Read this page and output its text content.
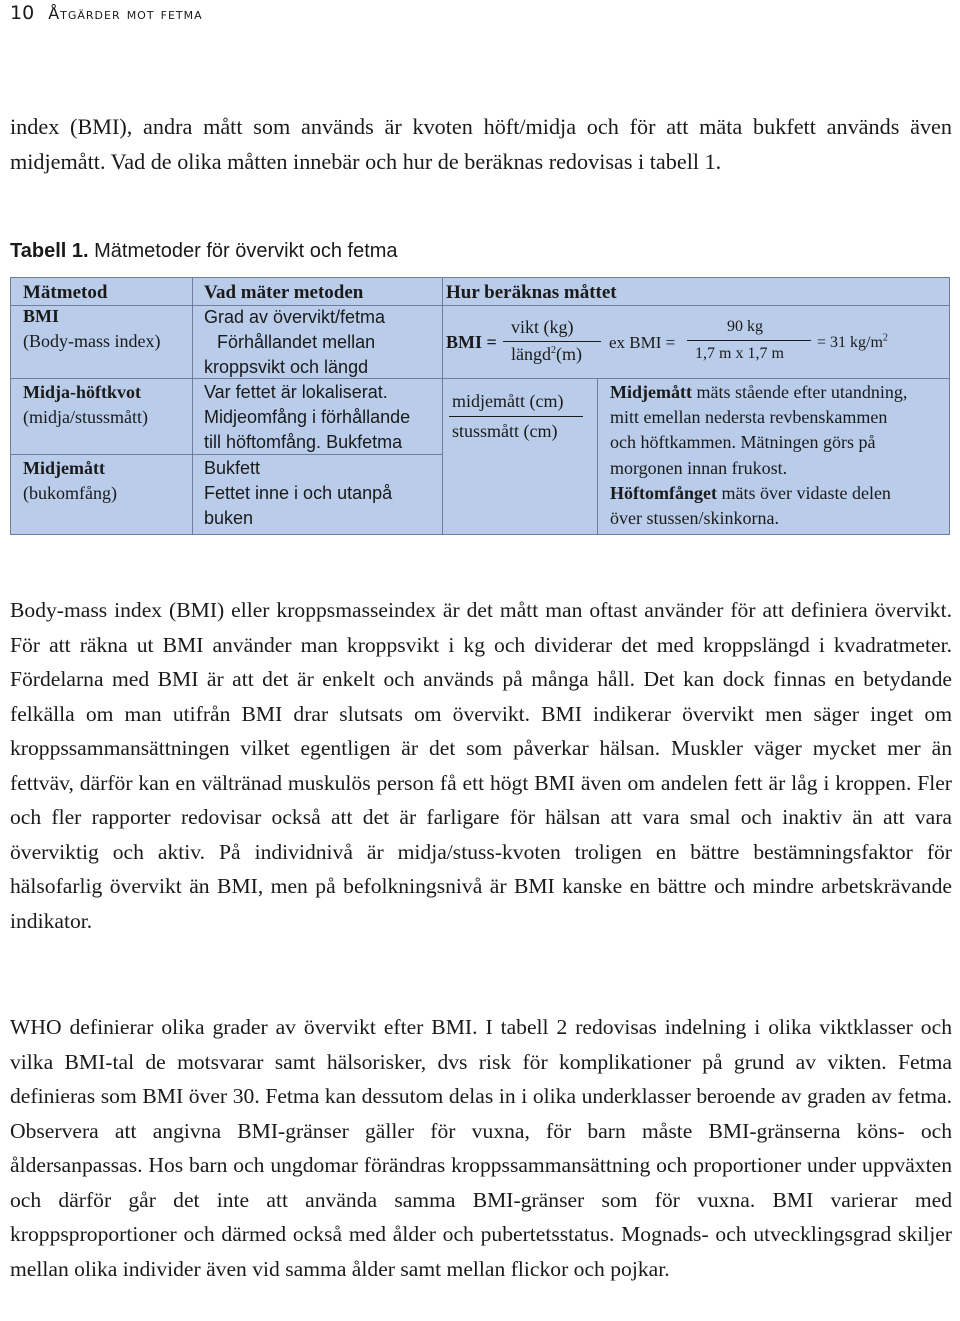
10 Åtgärder mot fetma

index (BMI), andra mått som används är kvoten höft/midja och för att mäta bukfett används även midjemått. Vad de olika måtten innebär och hur de beräknas redovisas i tabell 1.

Tabell 1. Mätmetoder för övervikt och fetma
Mätmetod	Vad mäter metoden	Hur beräknas måttet
BMI
(Body-mass index)
Grad av övervikt/fetma
Förhållandet mellan
kroppsvikt och längd
BMI =
vikt (kg)
längd$^2$(m)
ex BMI =
90 kg
1,7 m x 1,7 m
= 31 $kg/m^2$
Midja-höftkvot
(midja/stussmått)
Var fettet är lokaliserat.
Midjeomfång i förhållande
till höftomfång. Bukfetma
midjemått (cm)
stussmått (cm)
Midjemått
(bukomfång)
Bukfett
Fettet inne i och utanpå
buken
Midjemått mäts stående efter utandning,
mitt emellan nedersta revbenskammen
och höftkammen. Mätningen görs på
morgonen innan frukost.
Höftomfånget mäts över vidaste delen
över stussen/skinkorna.

Body-mass index (BMI) eller kroppsmasseindex är det mått man oftast använder för att definiera övervikt. För att räkna ut BMI använder man kroppsvikt i kg och dividerar det med kroppslängd i kvadratmeter. Fördelarna med BMI är att det är enkelt och används på många håll. Det kan dock finnas en betydande felkälla om man utifrån BMI drar slutsats om övervikt. BMI indikerar övervikt men säger inget om kroppssammansättningen vilket egentligen är det som påverkar hälsan. Muskler väger mycket mer än fettväv, därför kan en vältränad muskulös person få ett högt BMI även om andelen fett är låg i kroppen. Fler och fler rapporter redovisar också att det är farligare för hälsan att vara smal och inaktiv än att vara överviktig och aktiv. På individnivå är midja/stuss-kvoten troligen en bättre bestämningsfaktor för hälsofarlig övervikt än BMI, men på befolkningsnivå är BMI kanske en bättre och mindre arbetskrävande indikator.

WHO definierar olika grader av övervikt efter BMI. I tabell 2 redovisas indelning i olika viktklasser och vilka BMI-tal de motsvarar samt hälsorisker, dvs risk för komplikationer på grund av vikten. Fetma definieras som BMI över 30. Fetma kan dessutom delas in i olika underklasser beroende av graden av fetma. Observera att angivna BMI-gränser gäller för vuxna, för barn måste BMI-gränserna köns- och åldersanpassas. Hos barn och ungdomar förändras kroppssammansättning och proportioner under uppväxten och därför går det inte att använda samma BMI-gränser som för vuxna. BMI varierar med kroppsproportioner och därmed också med ålder och pubertetsstatus. Mognads- och utvecklingsgrad skiljer mellan olika individer även vid samma ålder samt mellan flickor och pojkar.
